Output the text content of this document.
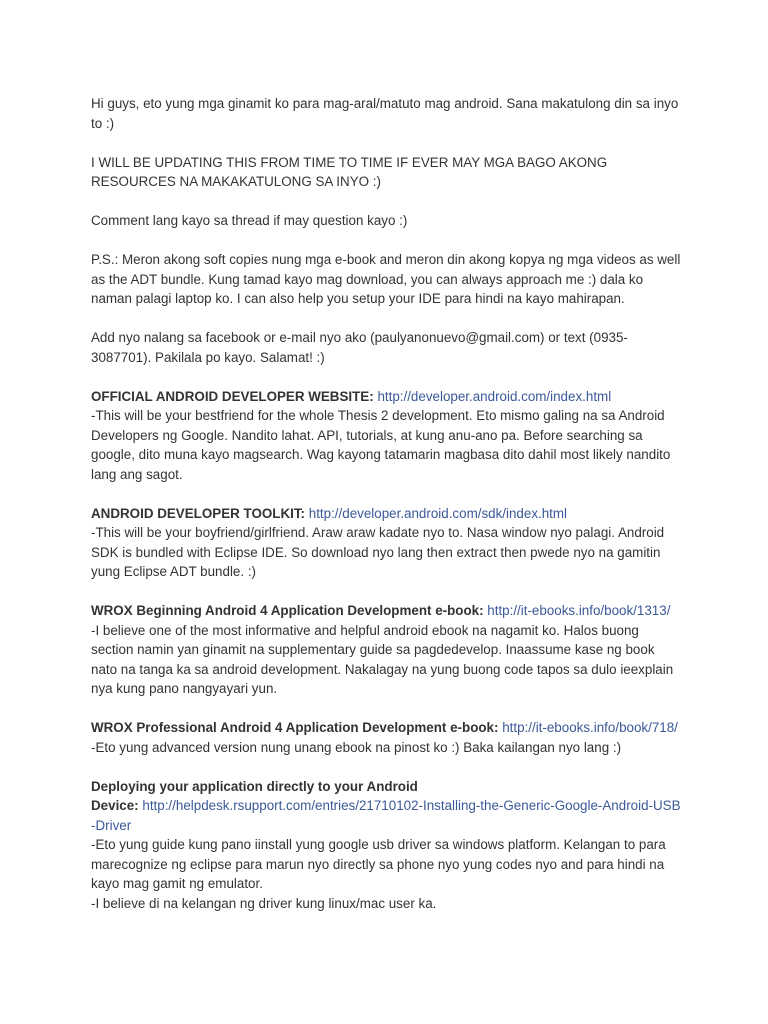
Hi guys, eto yung mga ginamit ko para mag-aral/matuto mag android. Sana makatulong din sa inyo to :)

I WILL BE UPDATING THIS FROM TIME TO TIME IF EVER MAY MGA BAGO AKONG RESOURCES NA MAKAKATULONG SA INYO :)

Comment lang kayo sa thread if may question kayo :)

P.S.: Meron akong soft copies nung mga e-book and meron din akong kopya ng mga videos as well as the ADT bundle. Kung tamad kayo mag download, you can always approach me :) dala ko naman palagi laptop ko. I can also help you setup your IDE para hindi na kayo mahirapan.

Add nyo nalang sa facebook or e-mail nyo ako (paulyanonuevo@gmail.com) or text (0935-3087701). Pakilala po kayo. Salamat! :)

OFFICIAL ANDROID DEVELOPER WEBSITE: http://developer.android.com/index.html
-This will be your bestfriend for the whole Thesis 2 development. Eto mismo galing na sa Android Developers ng Google. Nandito lahat. API, tutorials, at kung anu-ano pa. Before searching sa google, dito muna kayo magsearch. Wag kayong tatamarin magbasa dito dahil most likely nandito lang ang sagot.
ANDROID DEVELOPER TOOLKIT: http://developer.android.com/sdk/index.html
-This will be your boyfriend/girlfriend. Araw araw kadate nyo to. Nasa window nyo palagi. Android SDK is bundled with Eclipse IDE. So download nyo lang then extract then pwede nyo na gamitin yung Eclipse ADT bundle. :)
WROX Beginning Android 4 Application Development e-book: http://it-ebooks.info/book/1313/
-I believe one of the most informative and helpful android ebook na nagamit ko. Halos buong section namin yan ginamit na supplementary guide sa pagdedevelop. Inaassume kase ng book nato na tanga ka sa android development. Nakalagay na yung buong code tapos sa dulo ieexplain nya kung pano nangyayari yun.
WROX Professional Android 4 Application Development e-book: http://it-ebooks.info/book/718/
-Eto yung advanced version nung unang ebook na pinost ko :) Baka kailangan nyo lang :)
Deploying your application directly to your Android
Device: http://helpdesk.rsupport.com/entries/21710102-Installing-the-Generic-Google-Android-USB-Driver
-Eto yung guide kung pano iinstall yung google usb driver sa windows platform. Kelangan to para marecognize ng eclipse para marun nyo directly sa phone nyo yung codes nyo and para hindi na kayo mag gamit ng emulator.
-I believe di na kelangan ng driver kung linux/mac user ka.
